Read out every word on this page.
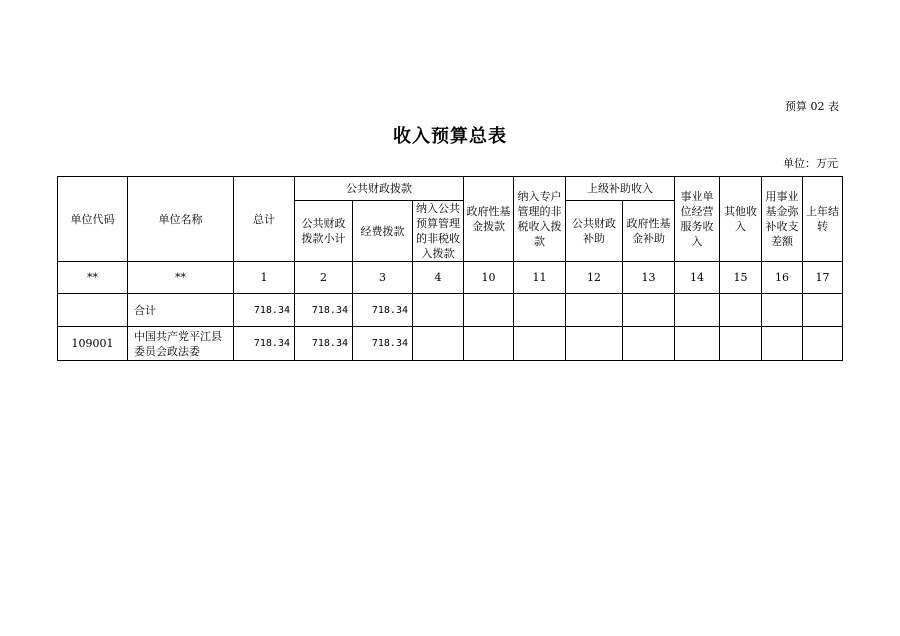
预算 02 表
收入预算总表
单位：万元
单位代码	单位名称	总计	公共财政拨款			政府性基金拨款	纳入专户管理的非税收入拨款	上级补助收入		事业单位经营服务收入	其他收入	用事业基金弥补收支差额	上年结转
			公共财政拨款小计	经费拨款	纳入公共预算管理的非税收入拨款								
								公共财政补助	政府性基金补助				
**	**	1	2	3	4	10	11	12	13	14	15	16	17
	合计	718.34	718.34	718.34									
109001	中国共产党平江县委员会政法委	718.34	718.34	718.34									
